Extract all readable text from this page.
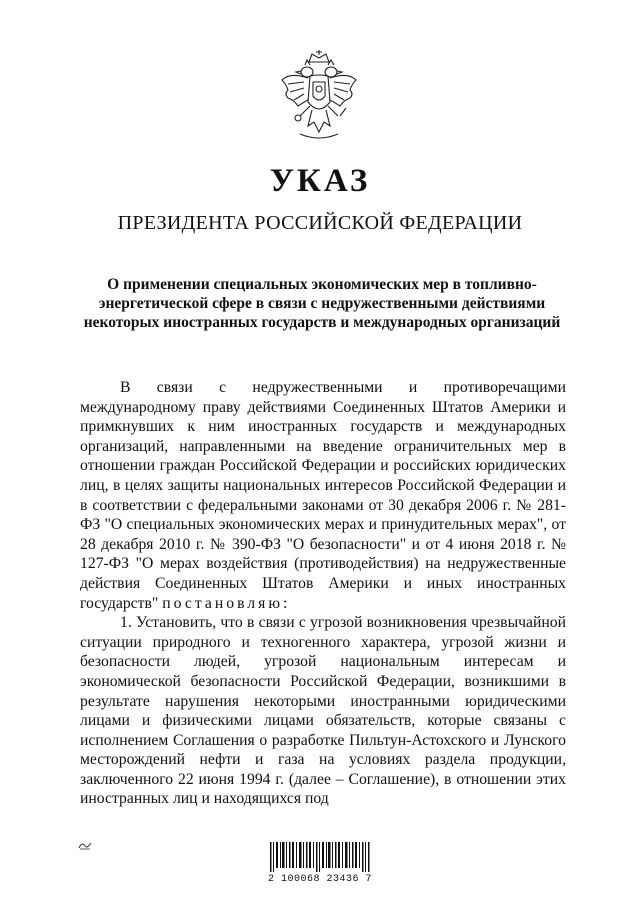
УКАЗ
ПРЕЗИДЕНТА РОССИЙСКОЙ ФЕДЕРАЦИИ
О применении специальных экономических мер в топливно-энергетической сфере в связи с недружественными действиями некоторых иностранных государств и международных организаций

В связи с недружественными и противоречащими международному праву действиями Соединенных Штатов Америки и примкнувших к ним иностранных государств и международных организаций, направленными на введение ограничительных мер в отношении граждан Российской Федерации и российских юридических лиц, в целях защиты национальных интересов Российской Федерации и в соответствии с федеральными законами от 30 декабря 2006 г. № 281-ФЗ "О специальных экономических мерах и принудительных мерах", от 28 декабря 2010 г. № 390-ФЗ "О безопасности" и от 4 июня 2018 г. № 127-ФЗ "О мерах воздействия (противодействия) на недружественные действия Соединенных Штатов Америки и иных иностранных государств" постановляю:

1. Установить, что в связи с угрозой возникновения чрезвычайной ситуации природного и техногенного характера, угрозой жизни и безопасности людей, угрозой национальным интересам и экономической безопасности Российской Федерации, возникшими в результате нарушения некоторыми иностранными юридическими лицами и физическими лицами обязательств, которые связаны с исполнением Соглашения о разработке Пильтун-Астохского и Лунского месторождений нефти и газа на условиях раздела продукции, заключенного 22 июня 1994 г. (далее – Соглашение), в отношении этих иностранных лиц и находящихся под

2 100068 23436 7
